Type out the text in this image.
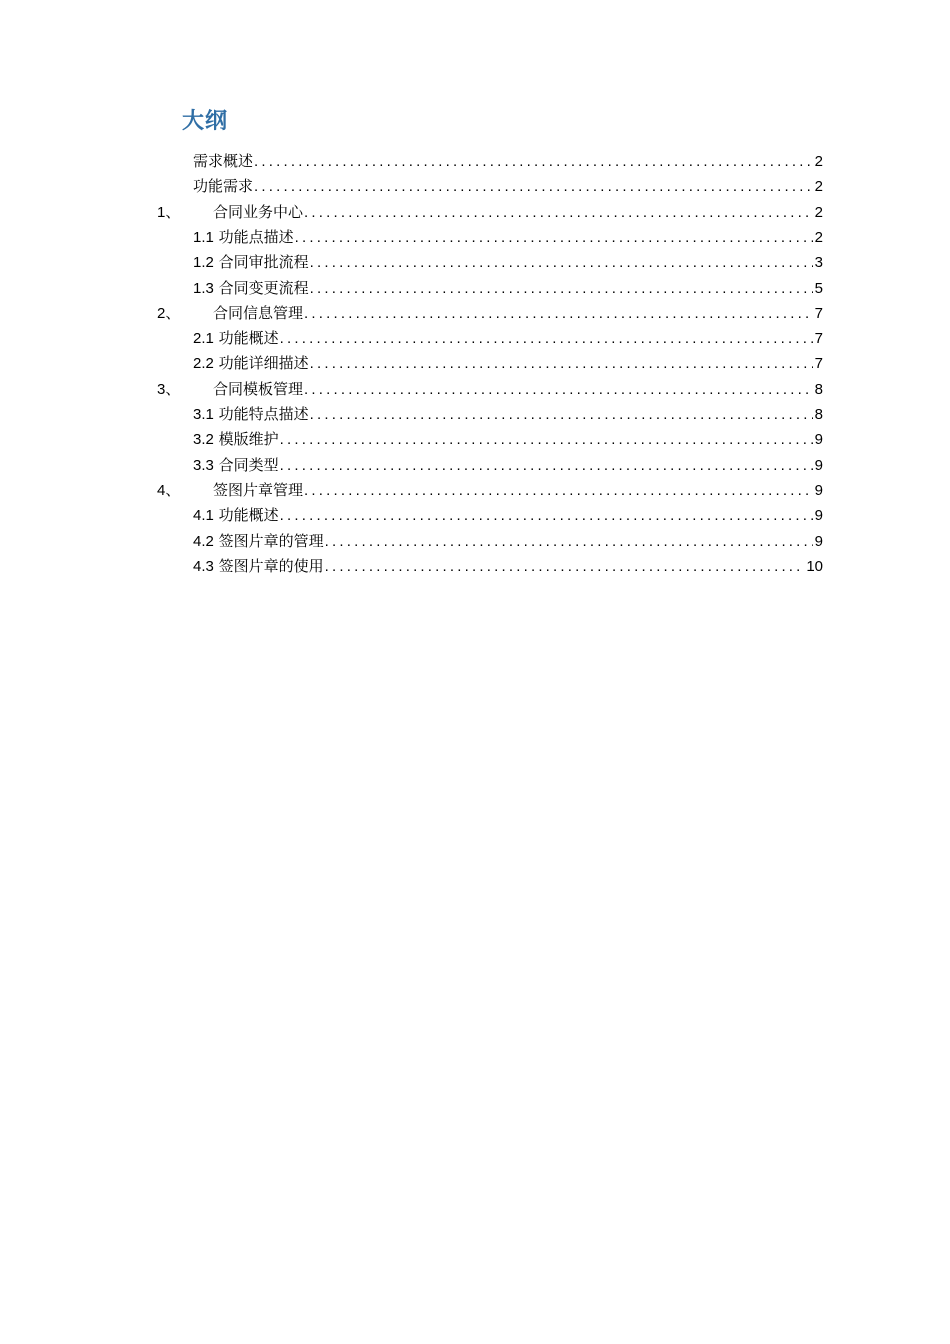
大纲
需求概述 .....	2
功能需求 .....	2
1、 合同业务中心 .....	2
1.1 功能点描述 .....	2
1.2 合同审批流程 .....	3
1.3 合同变更流程 .....	5
2、 合同信息管理 .....	7
2.1 功能概述 .....	7
2.2 功能详细描述 .....	7
3、 合同模板管理 .....	8
3.1 功能特点描述 .....	8
3.2 模版维护 .....	9
3.3 合同类型 .....	9
4、 签图片章管理 .....	9
4.1 功能概述 .....	9
4.2 签图片章的管理 .....	9
4.3 签图片章的使用 .....	10
